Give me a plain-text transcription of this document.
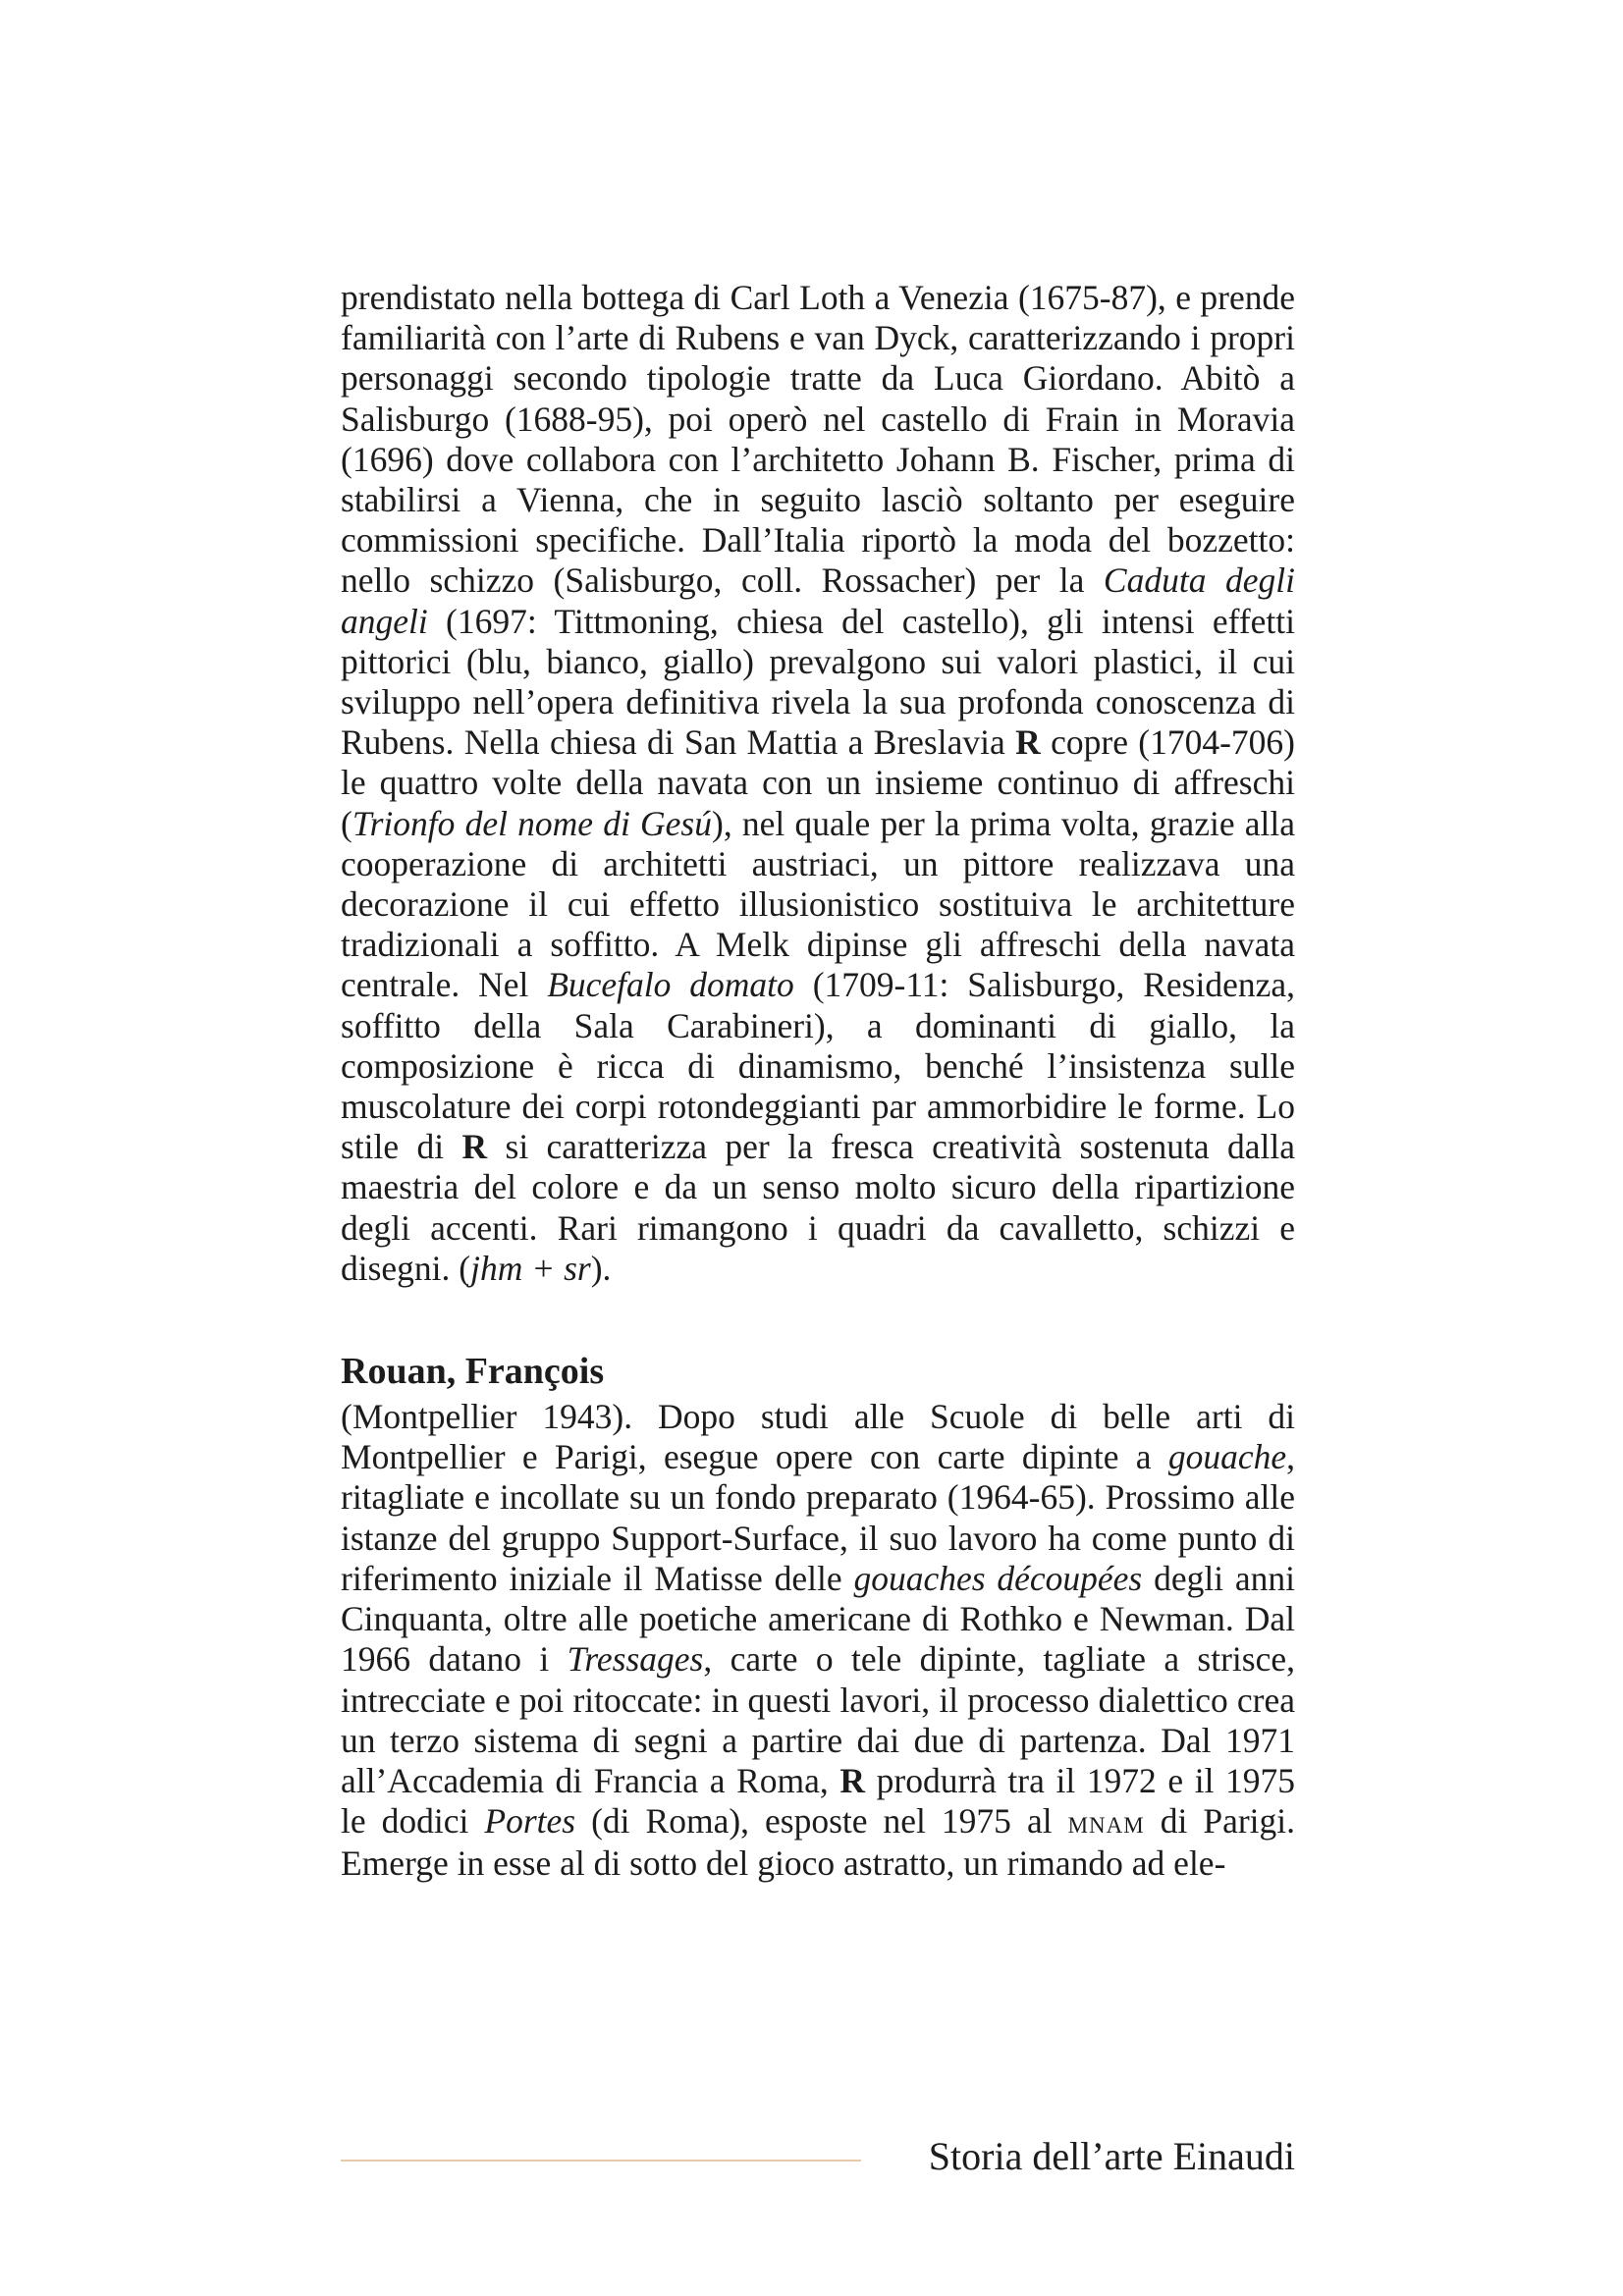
prendistato nella bottega di Carl Loth a Venezia (1675-87), e prende familiarità con l’arte di Rubens e van Dyck, caratterizzando i propri personaggi secondo tipologie tratte da Luca Giordano. Abitò a Salisburgo (1688-95), poi operò nel castello di Frain in Moravia (1696) dove collabora con l’architetto Johann B. Fischer, prima di stabilirsi a Vienna, che in seguito lasciò soltanto per eseguire commissioni specifiche. Dall’Italia riportò la moda del bozzetto: nello schizzo (Salisburgo, coll. Rossacher) per la Caduta degli angeli (1697: Tittmoning, chiesa del castello), gli intensi effetti pittorici (blu, bianco, giallo) prevalgono sui valori plastici, il cui sviluppo nell’opera definitiva rivela la sua profonda conoscenza di Rubens. Nella chiesa di San Mattia a Breslavia R copre (1704-706) le quattro volte della navata con un insieme continuo di affreschi (Trionfo del nome di Gesú), nel quale per la prima volta, grazie alla cooperazione di architetti austriaci, un pittore realizzava una decorazione il cui effetto illusionistico sostituiva le architetture tradizionali a soffitto. A Melk dipinse gli affreschi della navata centrale. Nel Bucefalo domato (1709-11: Salisburgo, Residenza, soffitto della Sala Carabineri), a dominanti di giallo, la composizione è ricca di dinamismo, benché l’insistenza sulle muscolature dei corpi rotondeggianti par ammorbidire le forme. Lo stile di R si caratterizza per la fresca creatività sostenuta dalla maestria del colore e da un senso molto sicuro della ripartizione degli accenti. Rari rimangono i quadri da cavalletto, schizzi e disegni. (jhm + sr).
Rouan, François
(Montpellier 1943). Dopo studi alle Scuole di belle arti di Montpellier e Parigi, esegue opere con carte dipinte a gouache, ritagliate e incollate su un fondo preparato (1964-65). Prossimo alle istanze del gruppo Support-Surface, il suo lavoro ha come punto di riferimento iniziale il Matisse delle gouaches découpées degli anni Cinquanta, oltre alle poetiche americane di Rothko e Newman. Dal 1966 datano i Tressages, carte o tele dipinte, tagliate a strisce, intrecciate e poi ritoccate: in questi lavori, il processo dialettico crea un terzo sistema di segni a partire dai due di partenza. Dal 1971 all’Accademia di Francia a Roma, R produrrà tra il 1972 e il 1975 le dodici Portes (di Roma), esposte nel 1975 al mnam di Parigi. Emerge in esse al di sotto del gioco astratto, un rimando ad ele-
Storia dell’arte Einaudi
